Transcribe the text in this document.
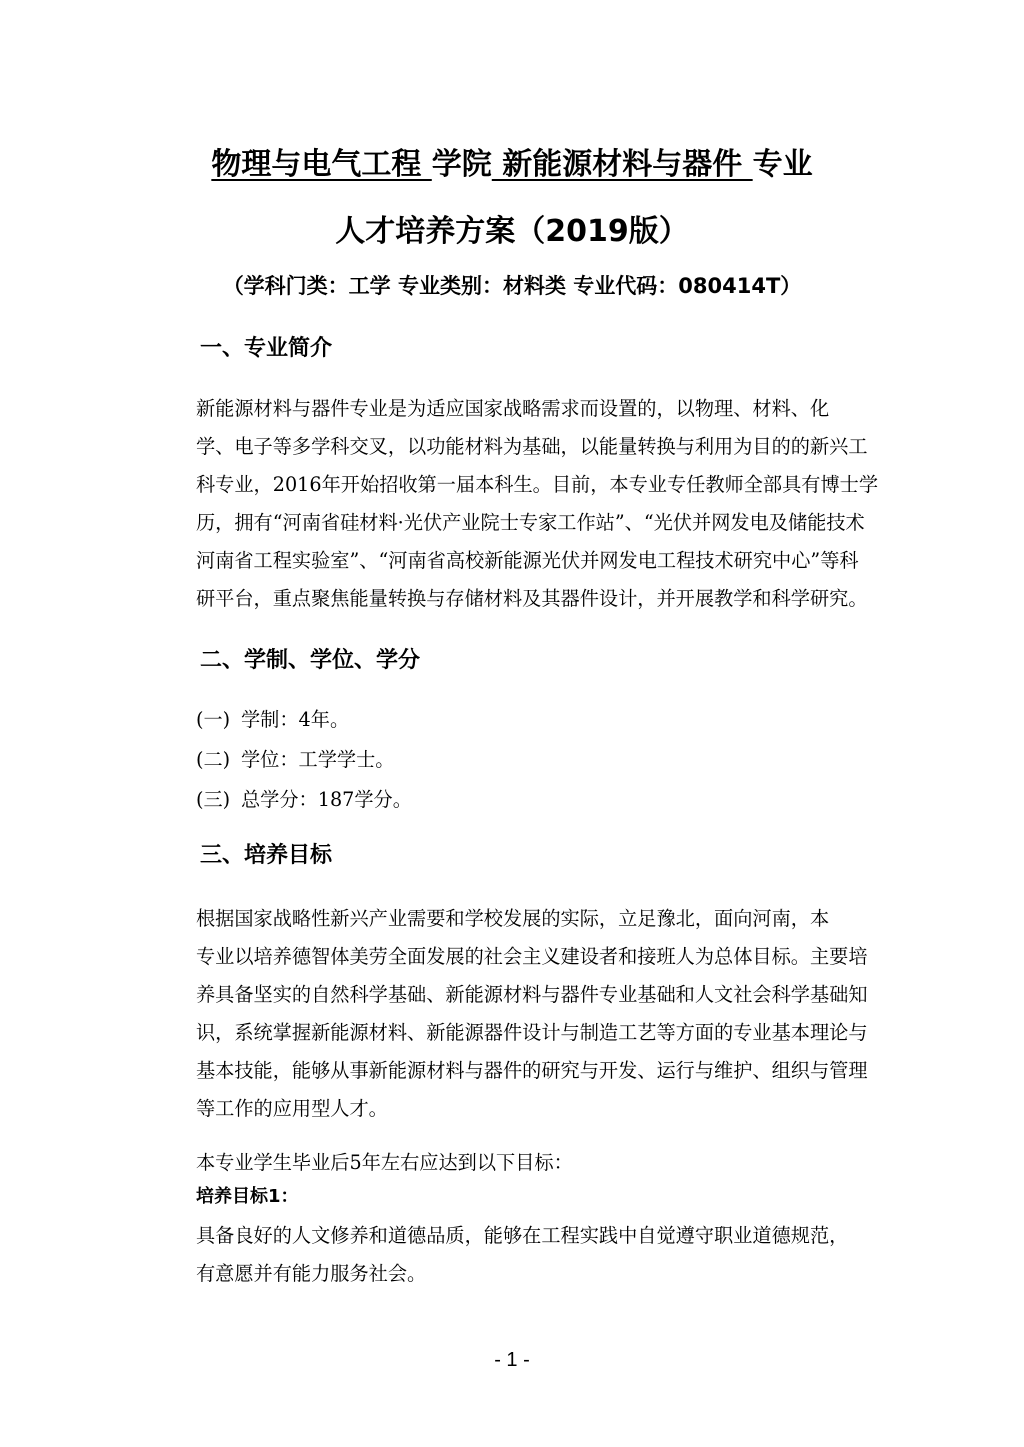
物理与电气工程 学院 新能源材料与器件 专业
人才培养方案（2019版）
（学科门类：工学 专业类别：材料类 专业代码：080414T）
一、专业简介
新能源材料与器件专业是为适应国家战略需求而设置的，以物理、材料、化
学、电子等多学科交叉，以功能材料为基础，以能量转换与利用为目的的新兴工
科专业，2016年开始招收第一届本科生。目前，本专业专任教师全部具有博士学
历，拥有“河南省硅材料·光伏产业院士专家工作站”、“光伏并网发电及储能技术
河南省工程实验室”、“河南省高校新能源光伏并网发电工程技术研究中心”等科
研平台，重点聚焦能量转换与存储材料及其器件设计，并开展教学和科学研究。
二、学制、学位、学分
(一) 学制：4年。
(二) 学位：工学学士。
(三) 总学分：187学分。
三、培养目标
根据国家战略性新兴产业需要和学校发展的实际，立足豫北，面向河南，本
专业以培养德智体美劳全面发展的社会主义建设者和接班人为总体目标。主要培
养具备坚实的自然科学基础、新能源材料与器件专业基础和人文社会科学基础知
识，系统掌握新能源材料、新能源器件设计与制造工艺等方面的专业基本理论与
基本技能，能够从事新能源材料与器件的研究与开发、运行与维护、组织与管理
等工作的应用型人才。
本专业学生毕业后5年左右应达到以下目标：
培养目标1：
具备良好的人文修养和道德品质，能够在工程实践中自觉遵守职业道德规范，
有意愿并有能力服务社会。
- 1 -
